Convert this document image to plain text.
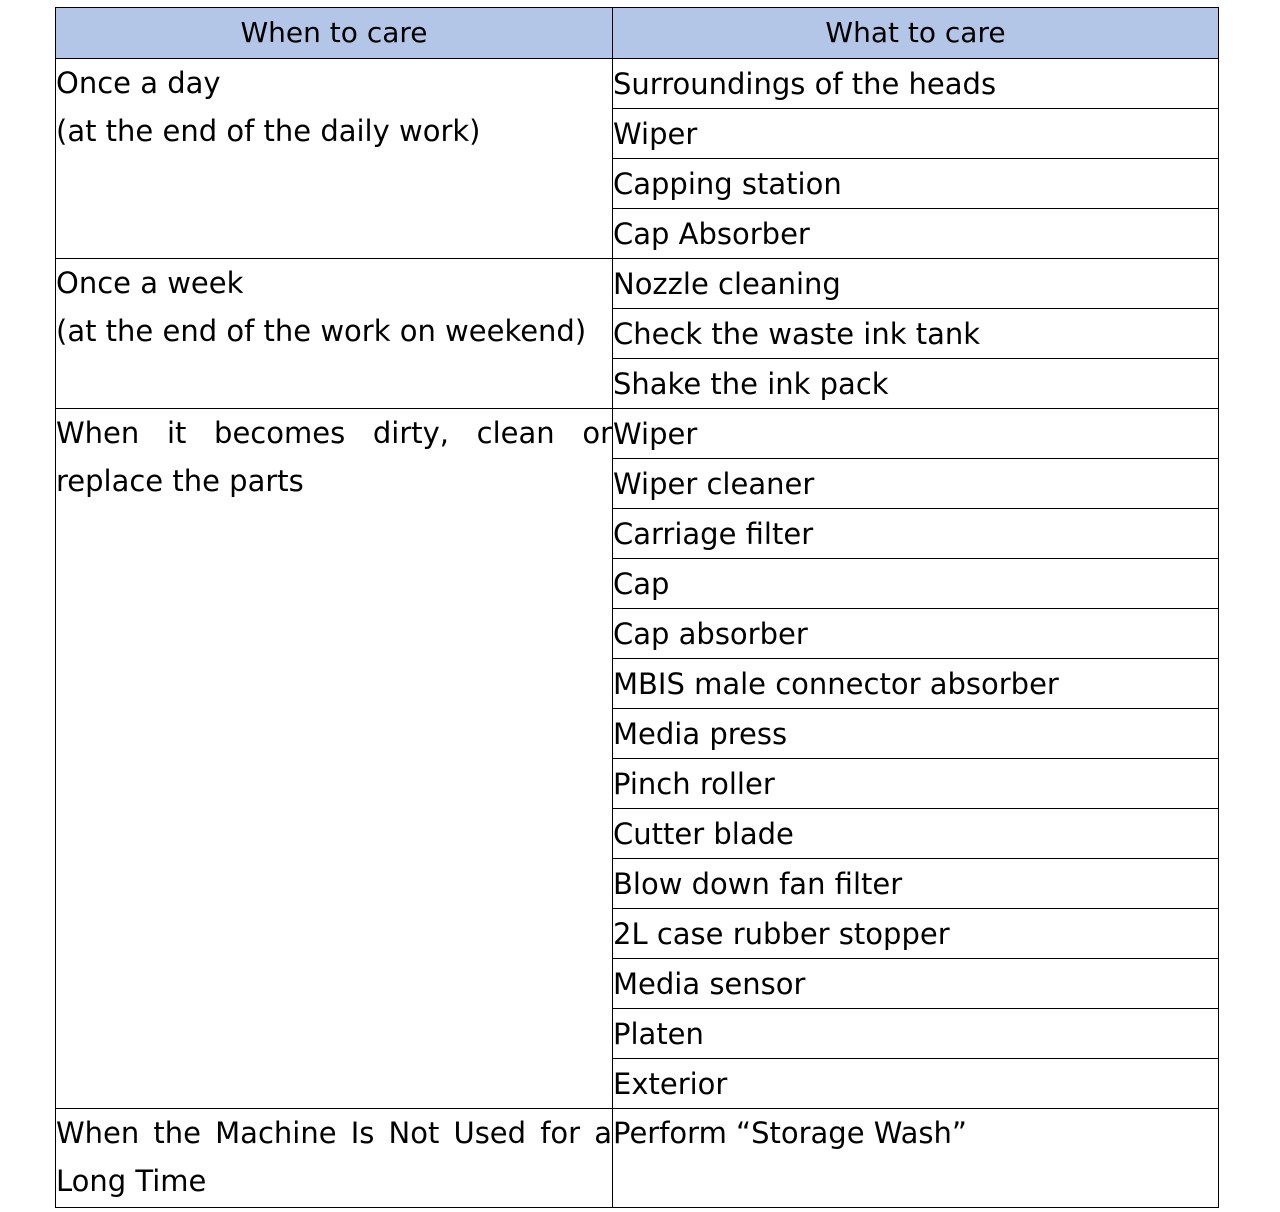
When to care	What to care

Once a day
(at the end of the daily work)	Surroundings of the heads
	Wiper
	Capping station
	Cap Absorber

Once a week
(at the end of the work on weekend)	Nozzle cleaning
	Check the waste ink tank
	Shake the ink pack

When it becomes dirty, clean or
replace the parts	Wiper
	Wiper cleaner
	Carriage filter
	Cap
	Cap absorber
	MBIS male connector absorber
	Media press
	Pinch roller
	Cutter blade
	Blow down fan filter
	2L case rubber stopper
	Media sensor
	Platen
	Exterior

When the Machine Is Not Used for a
Long Time	Perform “Storage Wash”
